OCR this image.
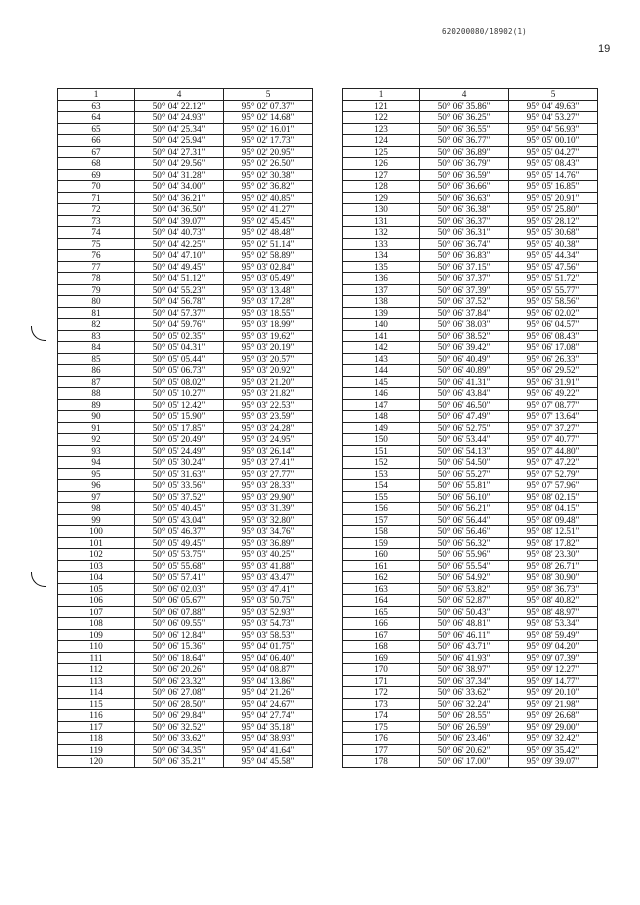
620200080/18902(1)
19
1	4	5
63	50° 04' 22.12"	95° 02' 07.37"
64	50° 04' 24.93"	95° 02' 14.68"
65	50° 04' 25.34"	95° 02' 16.01"
66	50° 04' 25.94"	95° 02' 17.73"
67	50° 04' 27.31"	95° 02' 20.95"
68	50° 04' 29.56"	95° 02' 26.50"
69	50° 04' 31.28"	95° 02' 30.38"
70	50° 04' 34.00"	95° 02' 36.82"
71	50° 04' 36.21"	95° 02' 40.85"
72	50° 04' 36.50"	95° 02' 41.27"
73	50° 04' 39.07"	95° 02' 45.45"
74	50° 04' 40.73"	95° 02' 48.48"
75	50° 04' 42.25"	95° 02' 51.14"
76	50° 04' 47.10"	95° 02' 58.89"
77	50° 04' 49.45"	95° 03' 02.84"
78	50° 04' 51.12"	95° 03' 05.49"
79	50° 04' 55.23"	95° 03' 13.48"
80	50° 04' 56.78"	95° 03' 17.28"
81	50° 04' 57.37"	95° 03' 18.55"
82	50° 04' 59.76"	95° 03' 18.99"
83	50° 05' 02.35"	95° 03' 19.62"
84	50° 05' 04.31"	95° 03' 20.19"
85	50° 05' 05.44"	95° 03' 20.57"
86	50° 05' 06.73"	95° 03' 20.92"
87	50° 05' 08.02"	95° 03' 21.20"
88	50° 05' 10.27"	95° 03' 21.82"
89	50° 05' 12.42"	95° 03' 22.53"
90	50° 05' 15.90"	95° 03' 23.59"
91	50° 05' 17.85"	95° 03' 24.28"
92	50° 05' 20.49"	95° 03' 24.95"
93	50° 05' 24.49"	95° 03' 26.14"
94	50° 05' 30.24"	95° 03' 27.41"
95	50° 05' 31.63"	95° 03' 27.77"
96	50° 05' 33.56"	95° 03' 28.33"
97	50° 05' 37.52"	95° 03' 29.90"
98	50° 05' 40.45"	95° 03' 31.39"
99	50° 05' 43.04"	95° 03' 32.80"
100	50° 05' 46.37"	95° 03' 34.76"
101	50° 05' 49.45"	95° 03' 36.89"
102	50° 05' 53.75"	95° 03' 40.25"
103	50° 05' 55.68"	95° 03' 41.88"
104	50° 05' 57.41"	95° 03' 43.47"
105	50° 06' 02.03"	95° 03' 47.41"
106	50° 06' 05.67"	95° 03' 50.75"
107	50° 06' 07.88"	95° 03' 52.93"
108	50° 06' 09.55"	95° 03' 54.73"
109	50° 06' 12.84"	95° 03' 58.53"
110	50° 06' 15.36"	95° 04' 01.75"
111	50° 06' 18.64"	95° 04' 06.40"
112	50° 06' 20.26"	95° 04' 08.87"
113	50° 06' 23.32"	95° 04' 13.86"
114	50° 06' 27.08"	95° 04' 21.26"
115	50° 06' 28.50"	95° 04' 24.67"
116	50° 06' 29.84"	95° 04' 27.74"
117	50° 06' 32.52"	95° 04' 35.18"
118	50° 06' 33.62"	95° 04' 38.93"
119	50° 06' 34.35"	95° 04' 41.64"
120	50° 06' 35.21"	95° 04' 45.58"
1	4	5
121	50° 06' 35.86"	95° 04' 49.63"
122	50° 06' 36.25"	95° 04' 53.27"
123	50° 06' 36.55"	95° 04' 56.93"
124	50° 06' 36.77"	95° 05' 00.10"
125	50° 06' 36.89"	95° 05' 04.27"
126	50° 06' 36.79"	95° 05' 08.43"
127	50° 06' 36.59"	95° 05' 14.76"
128	50° 06' 36.66"	95° 05' 16.85"
129	50° 06' 36.63"	95° 05' 20.91"
130	50° 06' 36.38"	95° 05' 25.80"
131	50° 06' 36.37"	95° 05' 28.12"
132	50° 06' 36.31"	95° 05' 30.68"
133	50° 06' 36.74"	95° 05' 40.38"
134	50° 06' 36.83"	95° 05' 44.34"
135	50° 06' 37.15"	95° 05' 47.56"
136	50° 06' 37.37"	95° 05' 51.72"
137	50° 06' 37.39"	95° 05' 55.77"
138	50° 06' 37.52"	95° 05' 58.56"
139	50° 06' 37.84"	95° 06' 02.02"
140	50° 06' 38.03"	95° 06' 04.57"
141	50° 06' 38.52"	95° 06' 08.43"
142	50° 06' 39.42"	95° 06' 17.08"
143	50° 06' 40.49"	95° 06' 26.33"
144	50° 06' 40.89"	95° 06' 29.52"
145	50° 06' 41.31"	95° 06' 31.91"
146	50° 06' 43.84"	95° 06' 49.22"
147	50° 06' 46.50"	95° 07' 08.77"
148	50° 06' 47.49"	95° 07' 13.64"
149	50° 06' 52.75"	95° 07' 37.27"
150	50° 06' 53.44"	95° 07' 40.77"
151	50° 06' 54.13"	95° 07' 44.80"
152	50° 06' 54.50"	95° 07' 47.22"
153	50° 06' 55.27"	95° 07' 52.79"
154	50° 06' 55.81"	95° 07' 57.96"
155	50° 06' 56.10"	95° 08' 02.15"
156	50° 06' 56.21"	95° 08' 04.15"
157	50° 06' 56.44"	95° 08' 09.48"
158	50° 06' 56.46"	95° 08' 12.51"
159	50° 06' 56.32"	95° 08' 17.82"
160	50° 06' 55.96"	95° 08' 23.30"
161	50° 06' 55.54"	95° 08' 26.71"
162	50° 06' 54.92"	95° 08' 30.90"
163	50° 06' 53.82"	95° 08' 36.73"
164	50° 06' 52.87"	95° 08' 40.82"
165	50° 06' 50.43"	95° 08' 48.97"
166	50° 06' 48.81"	95° 08' 53.34"
167	50° 06' 46.11"	95° 08' 59.49"
168	50° 06' 43.71"	95° 09' 04.20"
169	50° 06' 41.93"	95° 09' 07.39"
170	50° 06' 38.97"	95° 09' 12.27"
171	50° 06' 37.34"	95° 09' 14.77"
172	50° 06' 33.62"	95° 09' 20.10"
173	50° 06' 32.24"	95° 09' 21.98"
174	50° 06' 28.55"	95° 09' 26.68"
175	50° 06' 26.59"	95° 09' 29.00"
176	50° 06' 23.46"	95° 09' 32.42"
177	50° 06' 20.62"	95° 09' 35.42"
178	50° 06' 17.00"	95° 09' 39.07"
